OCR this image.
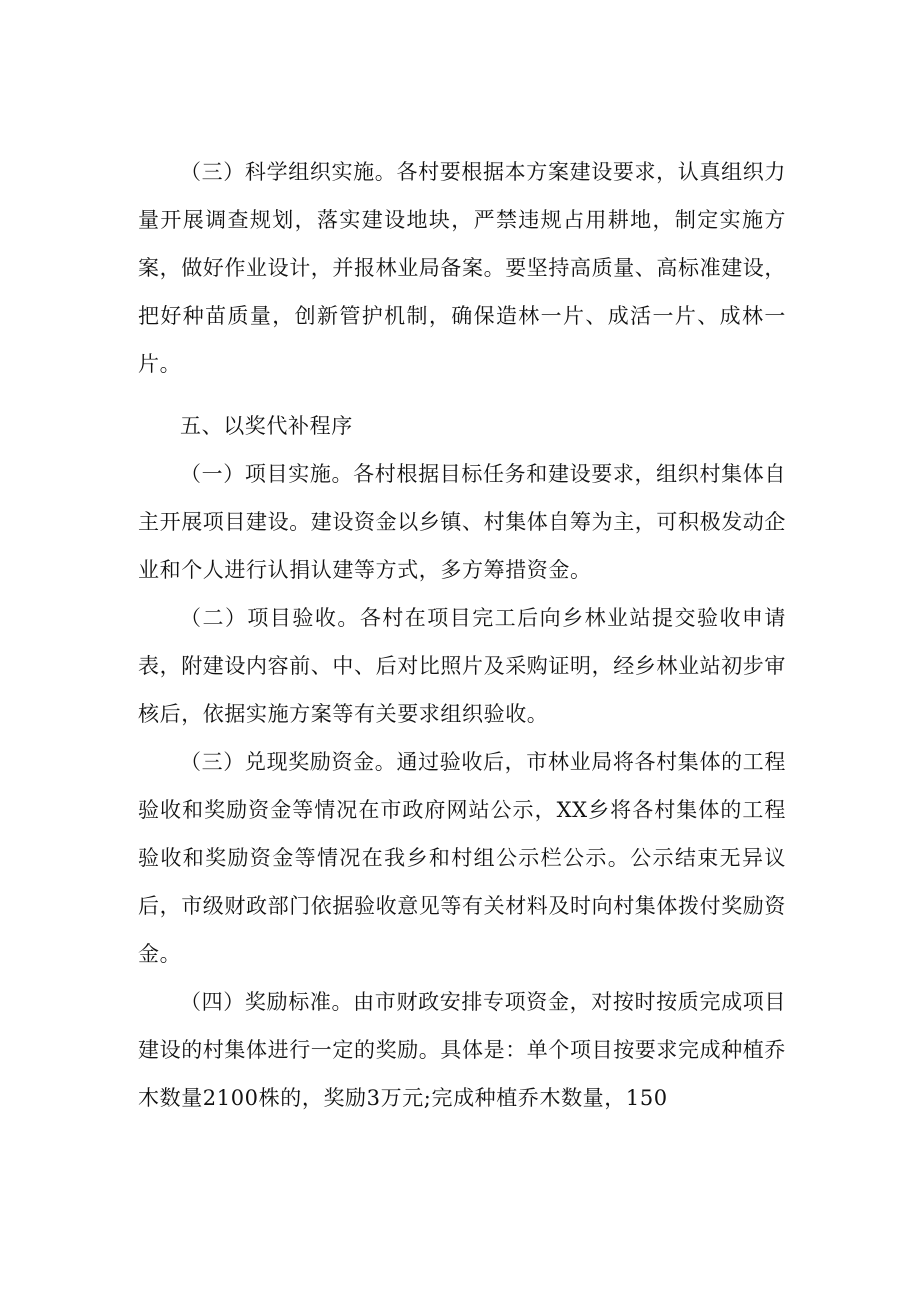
（三）科学组织实施。各村要根据本方案建设要求，认真组织力量开展调查规划，落实建设地块，严禁违规占用耕地，制定实施方案，做好作业设计，并报林业局备案。要坚持高质量、高标准建设，把好种苗质量，创新管护机制，确保造林一片、成活一片、成林一片。

五、以奖代补程序

（一）项目实施。各村根据目标任务和建设要求，组织村集体自主开展项目建设。建设资金以乡镇、村集体自筹为主，可积极发动企业和个人进行认捐认建等方式，多方筹措资金。

（二）项目验收。各村在项目完工后向乡林业站提交验收申请表，附建设内容前、中、后对比照片及采购证明，经乡林业站初步审核后，依据实施方案等有关要求组织验收。

（三）兑现奖励资金。通过验收后，市林业局将各村集体的工程验收和奖励资金等情况在市政府网站公示，XX乡将各村集体的工程验收和奖励资金等情况在我乡和村组公示栏公示。公示结束无异议后，市级财政部门依据验收意见等有关材料及时向村集体拨付奖励资金。

（四）奖励标准。由市财政安排专项资金，对按时按质完成项目建设的村集体进行一定的奖励。具体是：单个项目按要求完成种植乔木数量2100株的，奖励3万元;完成种植乔木数量，150
